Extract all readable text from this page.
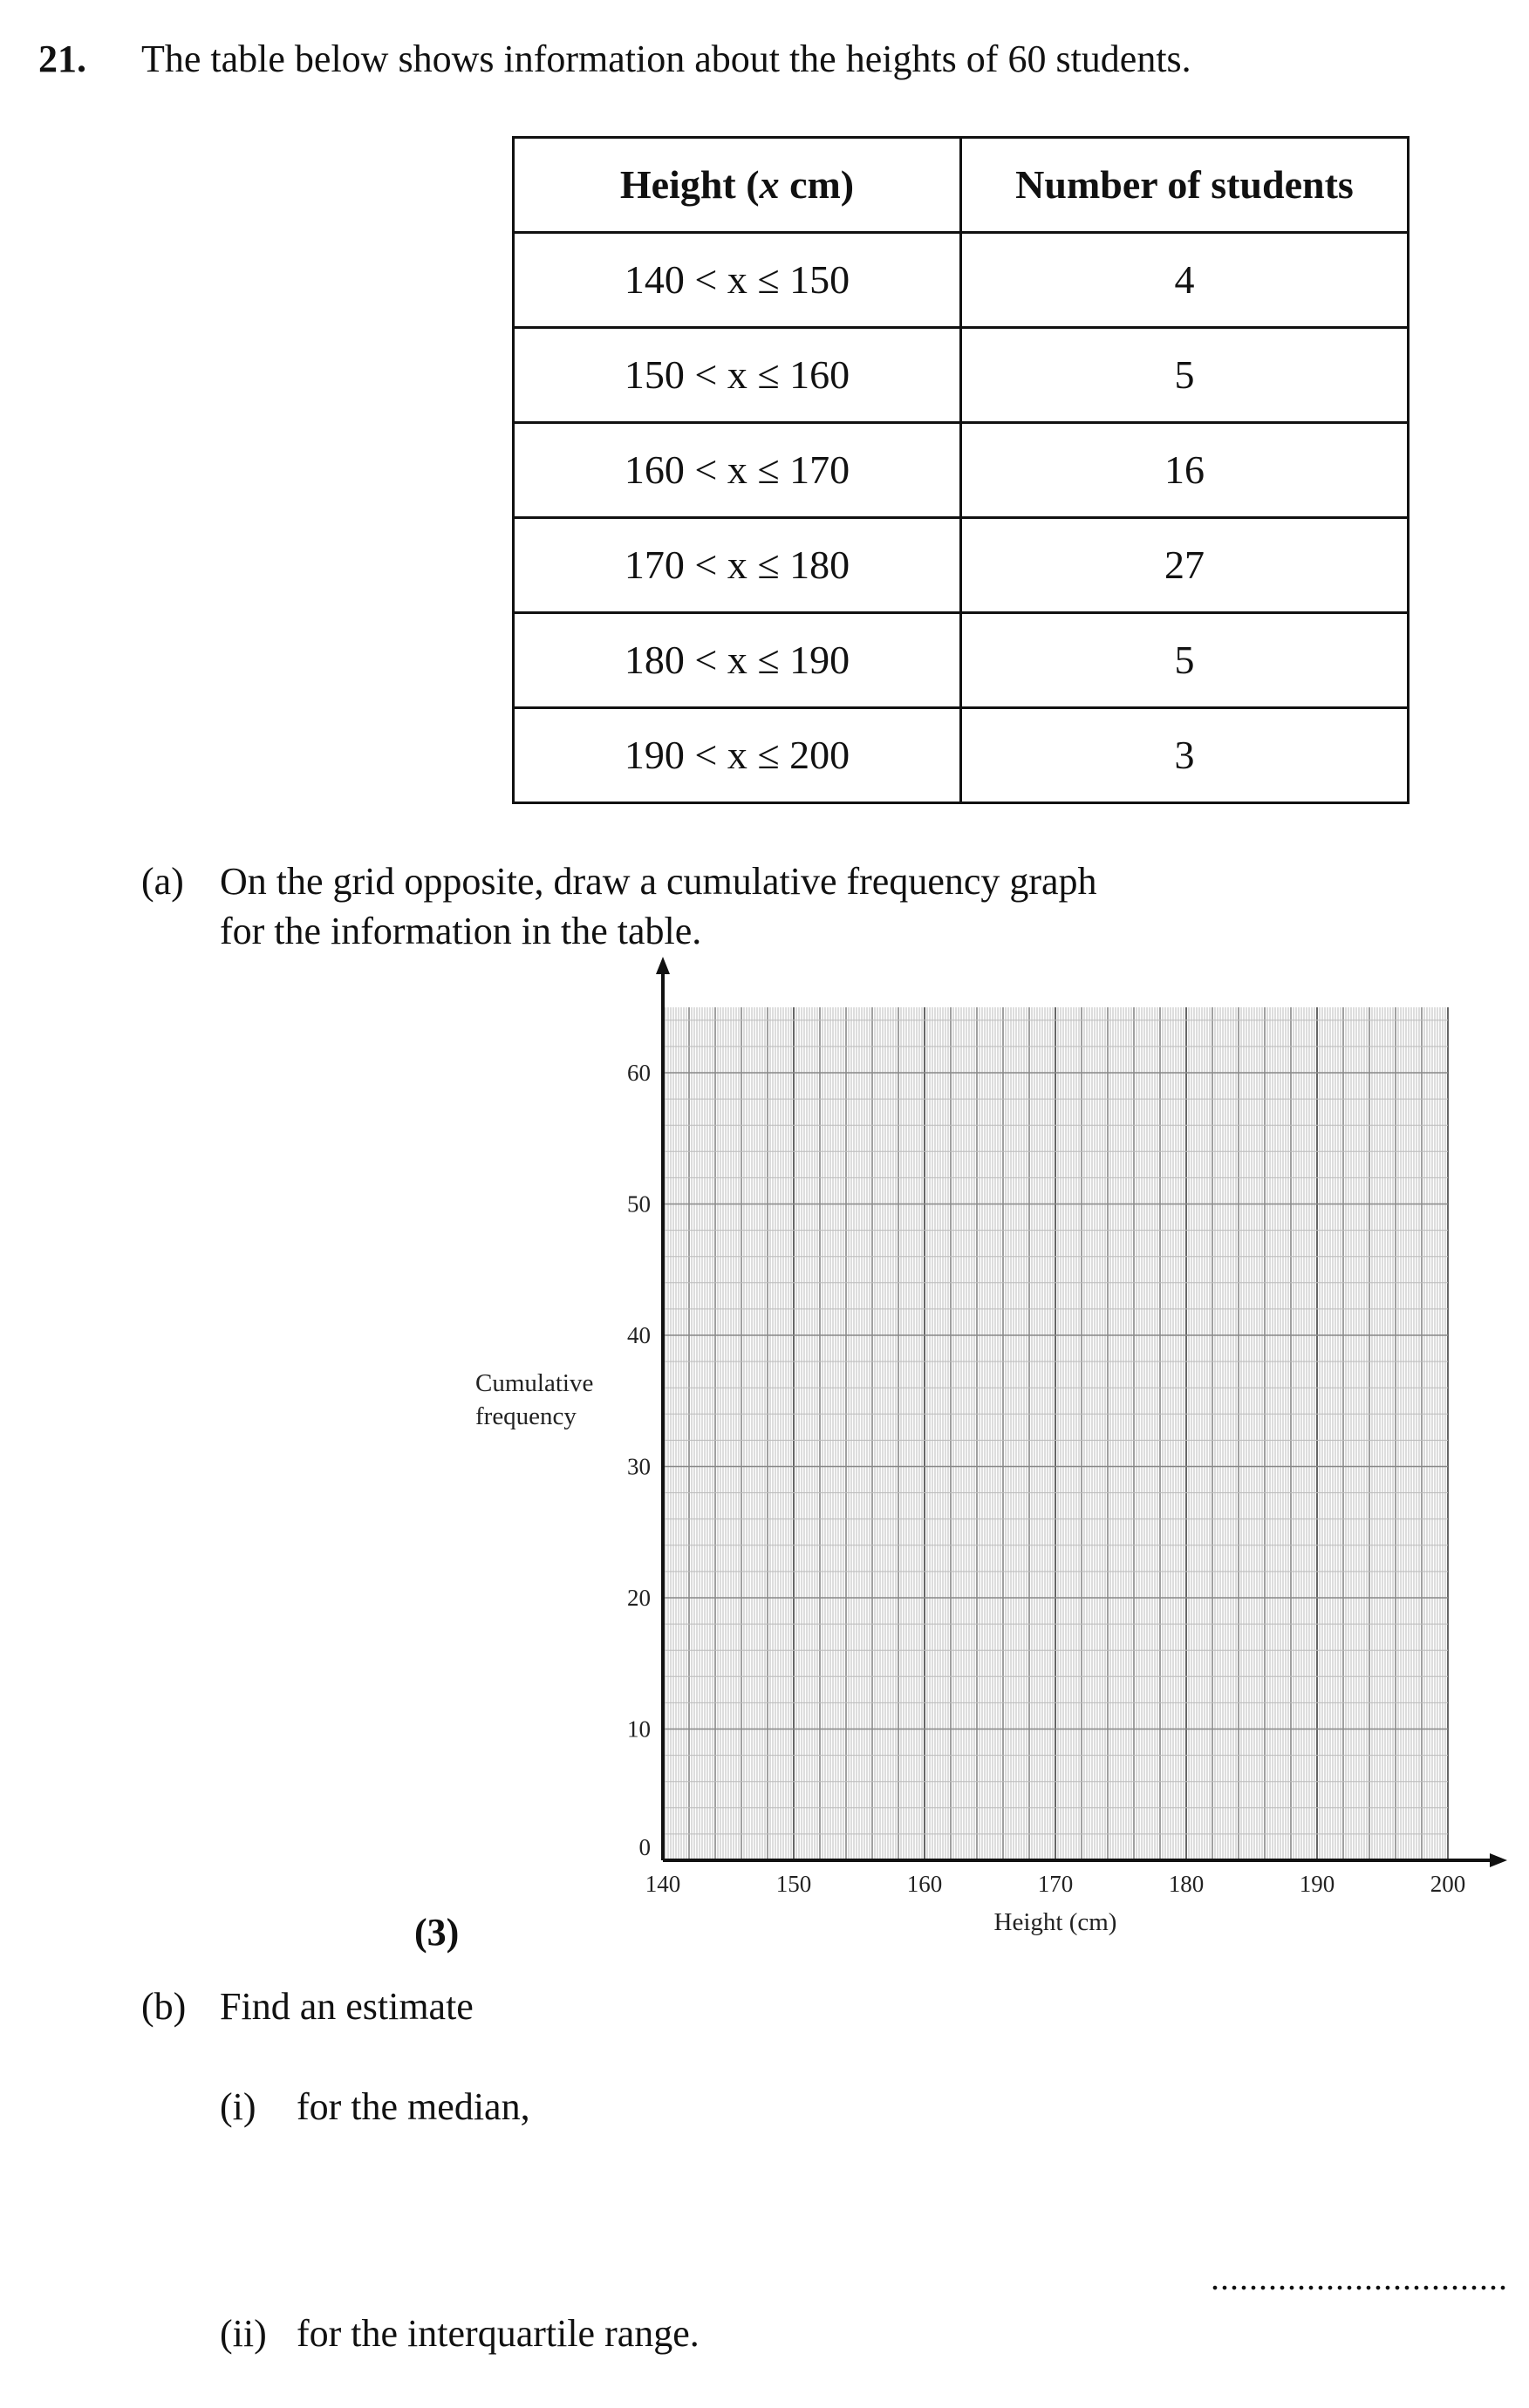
21. The table below shows information about the heights of 60 students.
Height (x cm)	Number of students
140 < x ≤ 150	4
150 < x ≤ 160	5
160 < x ≤ 170	16
170 < x ≤ 180	27
180 < x ≤ 190	5
190 < x ≤ 200	3
(a) On the grid opposite, draw a cumulative frequency graph
for the information in the table.
140	150	160	170	180	190	200
0
10
20
30
40
50
60
Cumulative
frequency
Height (cm)
(3)
(b) Find an estimate
(i) for the median,
...............................
(ii) for the interquartile range.
